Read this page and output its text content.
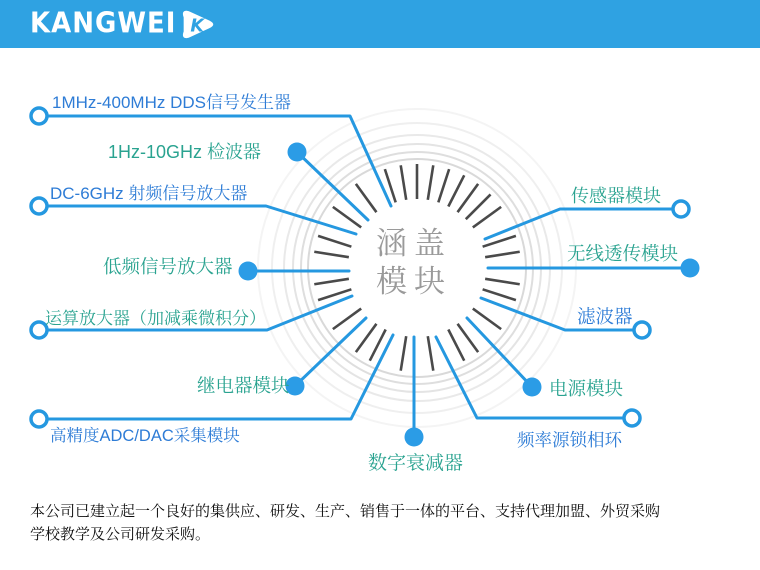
KANGWEI K
1MHz-400MHz DDS信号发生器
1Hz-10GHz 检波器
DC-6GHz 射频信号放大器
低频信号放大器
运算放大器（加减乘微积分）
继电器模块
高精度ADC/DAC采集模块
数字衰减器
传感器模块
无线透传模块
滤波器
电源模块
频率源锁相环
涵盖
模块
本公司已建立起一个良好的集供应、研发、生产、销售于一体的平台、支持代理加盟、外贸采购
学校教学及公司研发采购。
